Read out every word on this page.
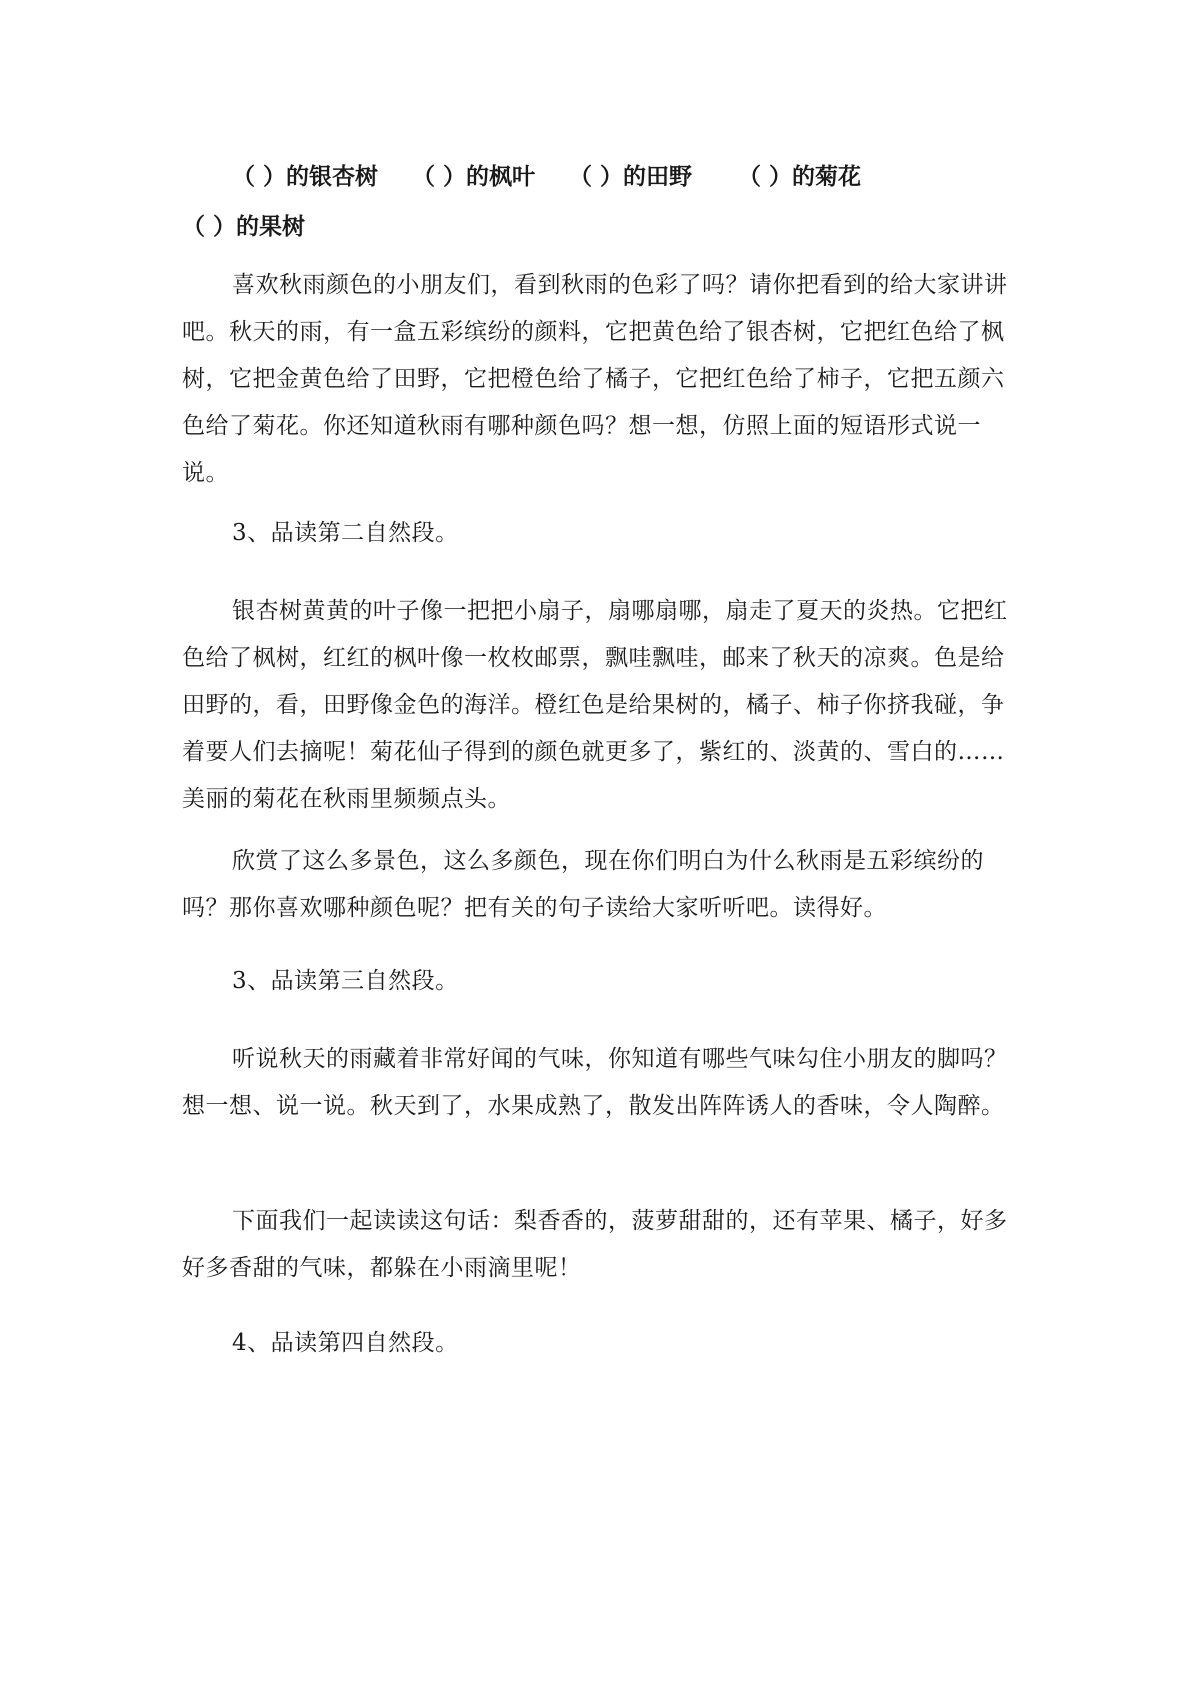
（ ）的银杏树 （ ）的枫叶 （ ）的田野 （ ）的菊花（ ）的果树

喜欢秋雨颜色的小朋友们，看到秋雨的色彩了吗？请你把看到的给大家讲讲吧。秋天的雨，有一盒五彩缤纷的颜料，它把黄色给了银杏树，它把红色给了枫树，它把金黄色给了田野，它把橙色给了橘子，它把红色给了柿子，它把五颜六色给了菊花。你还知道秋雨有哪种颜色吗？想一想，仿照上面的短语形式说一说。

3、品读第二自然段。

银杏树黄黄的叶子像一把把小扇子，扇哪扇哪，扇走了夏天的炎热。它把红色给了枫树，红红的枫叶像一枚枚邮票，飘哇飘哇，邮来了秋天的凉爽。色是给田野的，看，田野像金色的海洋。橙红色是给果树的，橘子、柿子你挤我碰，争着要人们去摘呢！菊花仙子得到的颜色就更多了，紫红的、淡黄的、雪白的……美丽的菊花在秋雨里频频点头。

欣赏了这么多景色，这么多颜色，现在你们明白为什么秋雨是五彩缤纷的吗？那你喜欢哪种颜色呢？把有关的句子读给大家听听吧。读得好。

3、品读第三自然段。

听说秋天的雨藏着非常好闻的气味，你知道有哪些气味勾住小朋友的脚吗？想一想、说一说。秋天到了，水果成熟了，散发出阵阵诱人的香味，令人陶醉。

下面我们一起读读这句话：梨香香的，菠萝甜甜的，还有苹果、橘子，好多好多香甜的气味，都躲在小雨滴里呢！

4、品读第四自然段。
